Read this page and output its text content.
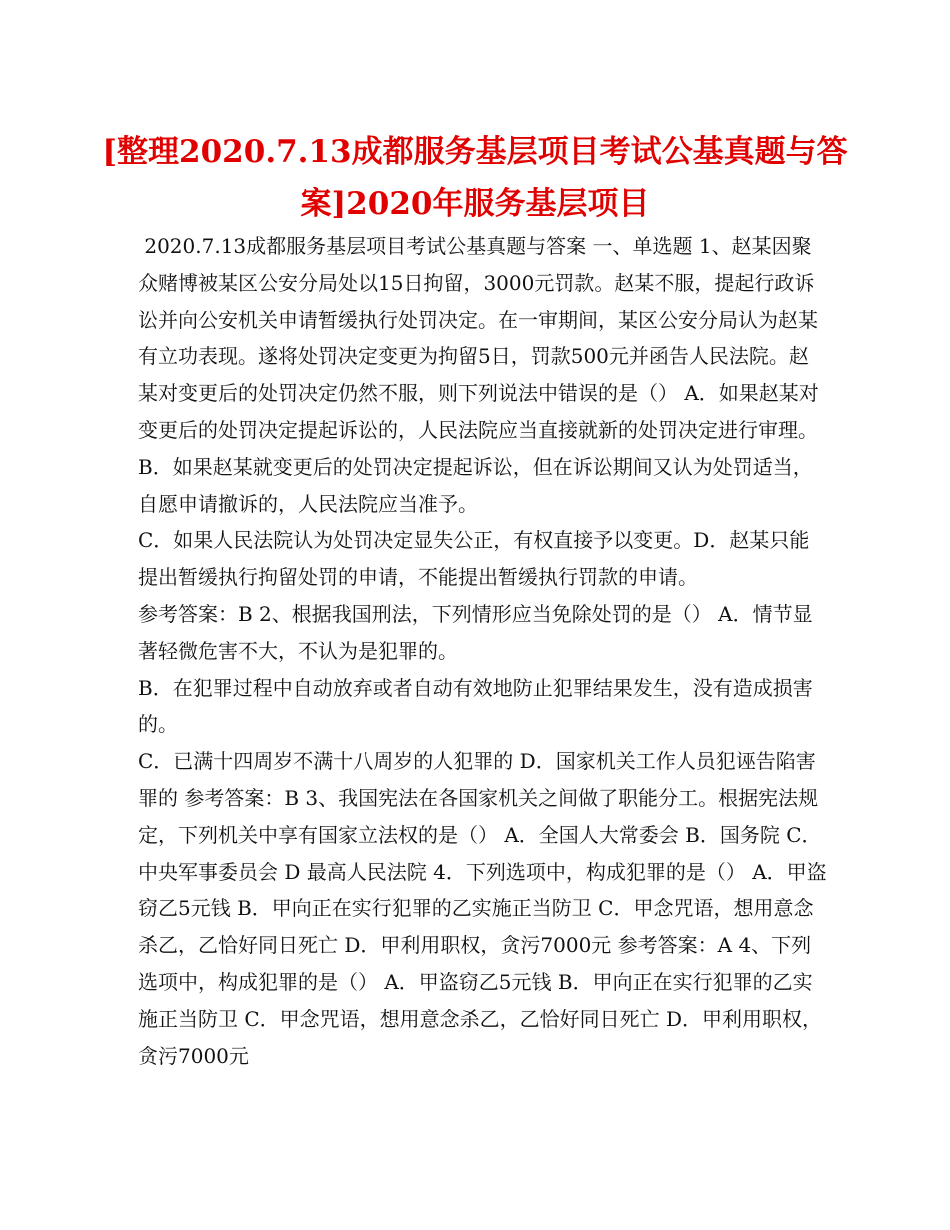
[整理2020.7.13成都服务基层项目考试公基真题与答案]2020年服务基层项目

2020.7.13成都服务基层项目考试公基真题与答案 一、单选题 1、赵某因聚众赌博被某区公安分局处以15日拘留，3000元罚款。赵某不服，提起行政诉讼并向公安机关申请暂缓执行处罚决定。在一审期间，某区公安分局认为赵某有立功表现。遂将处罚决定变更为拘留5日，罚款500元并函告人民法院。赵某对变更后的处罚决定仍然不服，则下列说法中错误的是（） A．如果赵某对变更后的处罚决定提起诉讼的，人民法院应当直接就新的处罚决定进行审理。B．如果赵某就变更后的处罚决定提起诉讼，但在诉讼期间又认为处罚适当，自愿申请撤诉的，人民法院应当准予。

C．如果人民法院认为处罚决定显失公正，有权直接予以变更。D．赵某只能提出暂缓执行拘留处罚的申请，不能提出暂缓执行罚款的申请。

参考答案：B 2、根据我国刑法，下列情形应当免除处罚的是（） A．情节显著轻微危害不大，不认为是犯罪的。

B．在犯罪过程中自动放弃或者自动有效地防止犯罪结果发生，没有造成损害的。

C．已满十四周岁不满十八周岁的人犯罪的 D．国家机关工作人员犯诬告陷害罪的 参考答案：B 3、我国宪法在各国家机关之间做了职能分工。根据宪法规定，下列机关中享有国家立法权的是（） A．全国人大常委会 B．国务院 C．中央军事委员会 D 最高人民法院 4．下列选项中，构成犯罪的是（） A．甲盗窃乙5元钱 B．甲向正在实行犯罪的乙实施正当防卫 C．甲念咒语，想用意念杀乙，乙恰好同日死亡 D．甲利用职权，贪污7000元 参考答案：A 4、下列选项中，构成犯罪的是（） A．甲盗窃乙5元钱 B．甲向正在实行犯罪的乙实施正当防卫 C．甲念咒语，想用意念杀乙，乙恰好同日死亡 D．甲利用职权，贪污7000元
